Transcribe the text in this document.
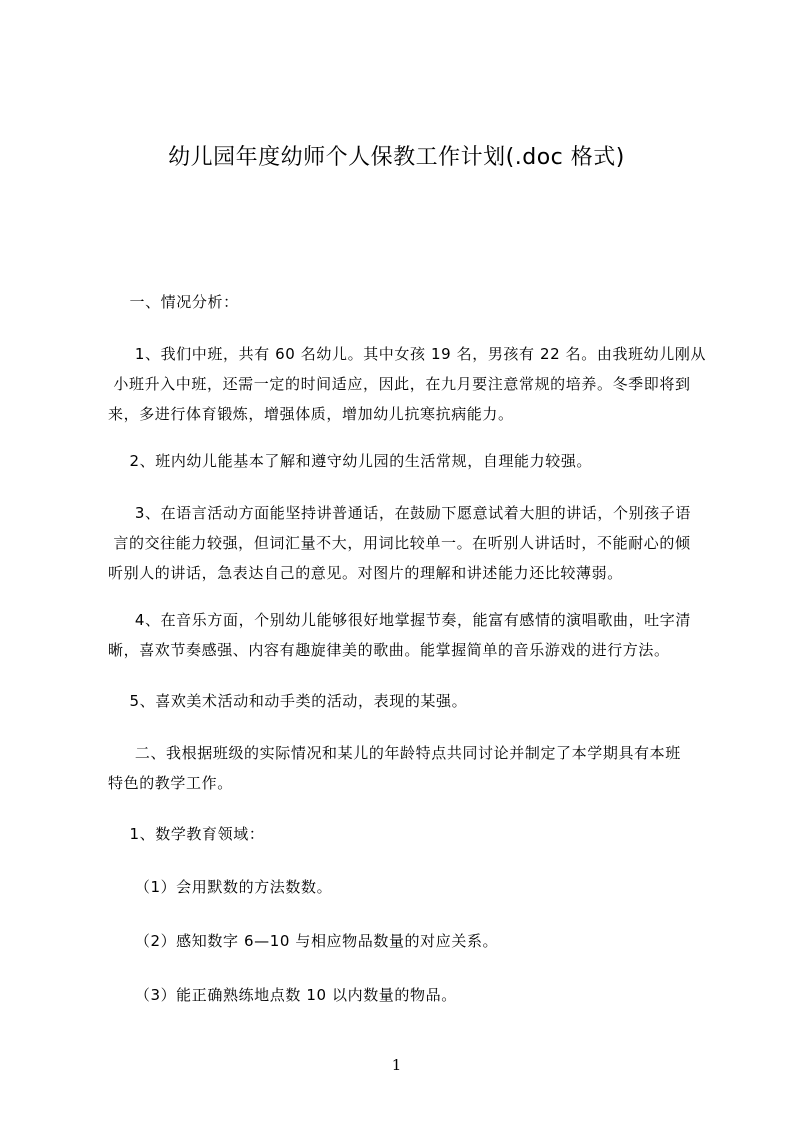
幼儿园年度幼师个人保教工作计划(.doc 格式)
一、情况分析：
1、我们中班，共有 60 名幼儿。其中女孩 19 名，男孩有 22 名。由我班幼儿刚从
小班升入中班，还需一定的时间适应，因此，在九月要注意常规的培养。冬季即将到
来，多进行体育锻炼，增强体质，增加幼儿抗寒抗病能力。
2、班内幼儿能基本了解和遵守幼儿园的生活常规，自理能力较强。
3、在语言活动方面能坚持讲普通话，在鼓励下愿意试着大胆的讲话，个别孩子语
言的交往能力较强，但词汇量不大，用词比较单一。在听别人讲话时，不能耐心的倾
听别人的讲话，急表达自己的意见。对图片的理解和讲述能力还比较薄弱。
4、在音乐方面，个别幼儿能够很好地掌握节奏，能富有感情的演唱歌曲，吐字清
晰，喜欢节奏感强、内容有趣旋律美的歌曲。能掌握简单的音乐游戏的进行方法。
5、喜欢美术活动和动手类的活动，表现的某强。
二、我根据班级的实际情况和某儿的年龄特点共同讨论并制定了本学期具有本班
特色的教学工作。
1、数学教育领域：
（1）会用默数的方法数数。
（2）感知数字 6—10 与相应物品数量的对应关系。
（3）能正确熟练地点数 10 以内数量的物品。
1
